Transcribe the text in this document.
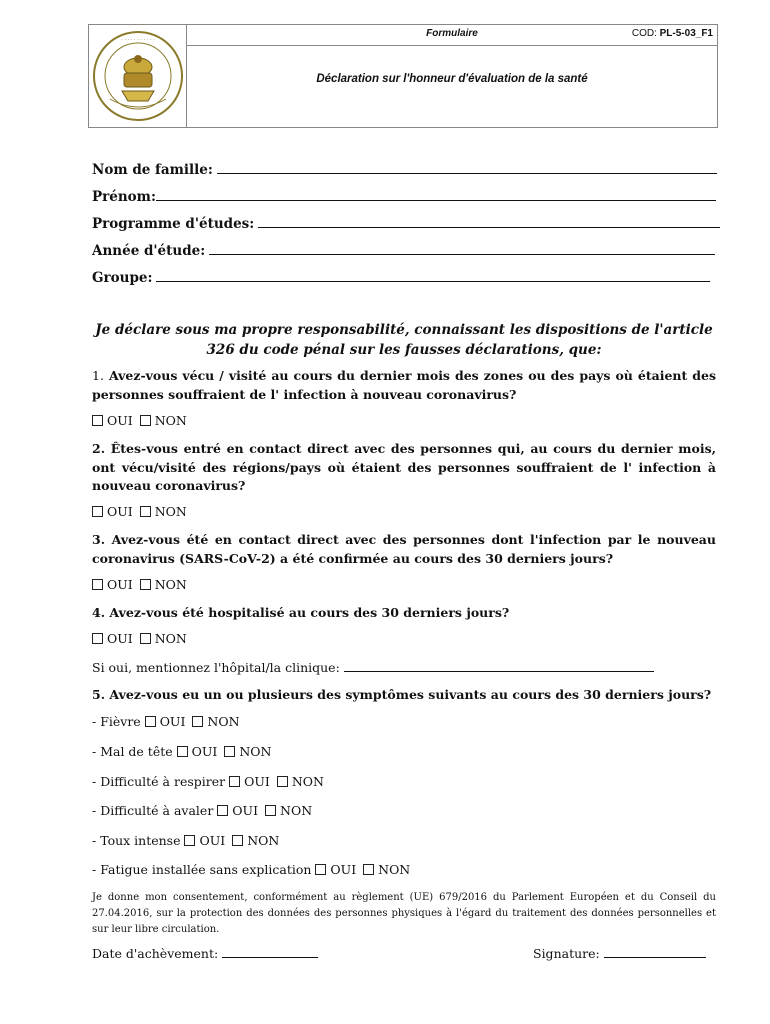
· · · · · · · · · · ·
Formulaire	COD: PL-5-03_F1
Déclaration sur l'honneur d'évaluation de la santé
Nom de famille:
Prénom:
Programme d'études:
Année d'étude:
Groupe:
Je déclare sous ma propre responsabilité, connaissant les dispositions de l'article 326 du code pénal sur les fausses déclarations, que:
1. Avez-vous vécu / visité au cours du dernier mois des zones ou des pays où étaient des personnes souffraient de l' infection à nouveau coronavirus?
OUI NON
2. Êtes-vous entré en contact direct avec des personnes qui, au cours du dernier mois, ont vécu/visité des régions/pays où étaient des personnes souffraient de l' infection à nouveau coronavirus?
OUI NON
3. Avez-vous été en contact direct avec des personnes dont l'infection par le nouveau coronavirus (SARS-CoV-2) a été confirmée au cours des 30 derniers jours?
OUI NON
4. Avez-vous été hospitalisé au cours des 30 derniers jours?
OUI NON
Si oui, mentionnez l'hôpital/la clinique:
5. Avez-vous eu un ou plusieurs des symptômes suivants au cours des 30 derniers jours?
- Fièvre OUI NON
- Mal de tête OUI NON
- Difficulté à respirer OUI NON
- Difficulté à avaler OUI NON
- Toux intense OUI NON
- Fatigue installée sans explication OUI NON
Je donne mon consentement, conformément au règlement (UE) 679/2016 du Parlement Européen et du Conseil du 27.04.2016, sur la protection des données des personnes physiques à l'égard du traitement des données personnelles et sur leur libre circulation.
Date d'achèvement:	Signature:
